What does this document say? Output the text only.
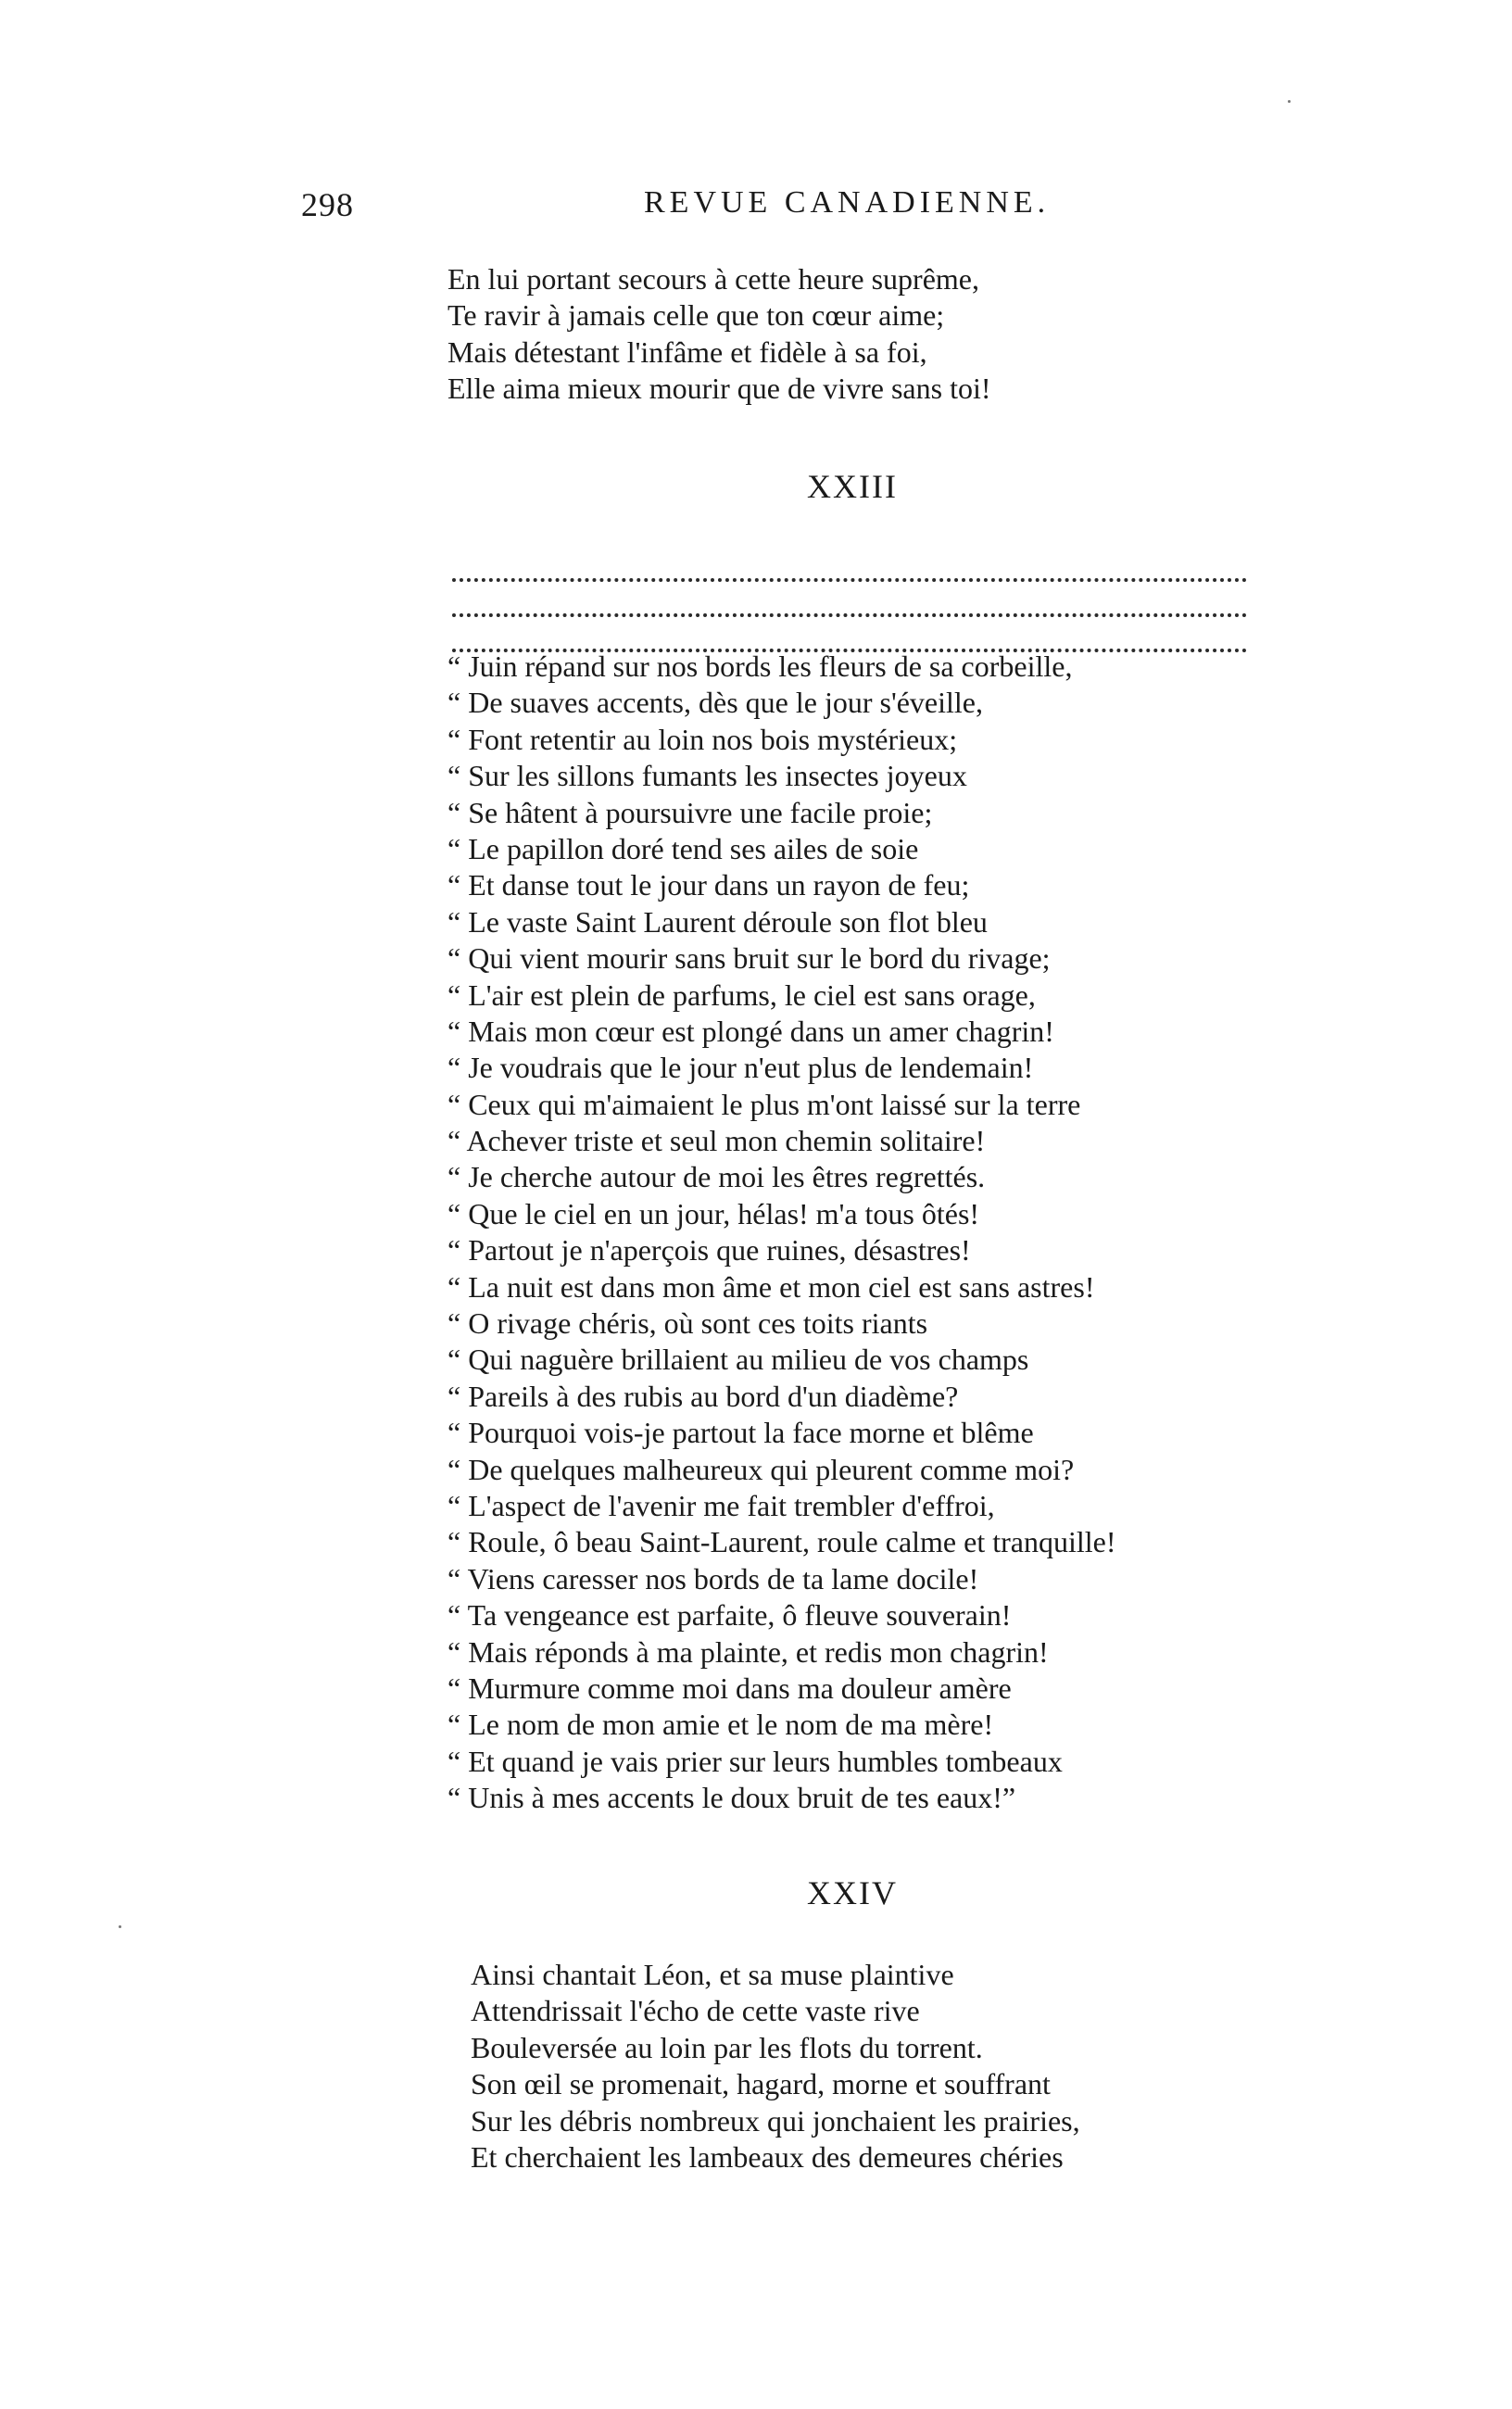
298	REVUE CANADIENNE.
En lui portant secours à cette heure suprême,
Te ravir à jamais celle que ton cœur aime;
Mais détestant l'infâme et fidèle à sa foi,
Elle aima mieux mourir que de vivre sans toi!
XXIII
“ Juin répand sur nos bords les fleurs de sa corbeille,
“ De suaves accents, dès que le jour s'éveille,
“ Font retentir au loin nos bois mystérieux;
“ Sur les sillons fumants les insectes joyeux
“ Se hâtent à poursuivre une facile proie;
“ Le papillon doré tend ses ailes de soie
“ Et danse tout le jour dans un rayon de feu;
“ Le vaste Saint Laurent déroule son flot bleu
“ Qui vient mourir sans bruit sur le bord du rivage;
“ L'air est plein de parfums, le ciel est sans orage,
“ Mais mon cœur est plongé dans un amer chagrin!
“ Je voudrais que le jour n'eut plus de lendemain!
“ Ceux qui m'aimaient le plus m'ont laissé sur la terre
“ Achever triste et seul mon chemin solitaire!
“ Je cherche autour de moi les êtres regrettés.
“ Que le ciel en un jour, hélas! m'a tous ôtés!
“ Partout je n'aperçois que ruines, désastres!
“ La nuit est dans mon âme et mon ciel est sans astres!
“ O rivage chéris, où sont ces toits riants
“ Qui naguère brillaient au milieu de vos champs
“ Pareils à des rubis au bord d'un diadème?
“ Pourquoi vois-je partout la face morne et blême
“ De quelques malheureux qui pleurent comme moi?
“ L'aspect de l'avenir me fait trembler d'effroi,
“ Roule, ô beau Saint-Laurent, roule calme et tranquille!
“ Viens caresser nos bords de ta lame docile!
“ Ta vengeance est parfaite, ô fleuve souverain!
“ Mais réponds à ma plainte, et redis mon chagrin!
“ Murmure comme moi dans ma douleur amère
“ Le nom de mon amie et le nom de ma mère!
“ Et quand je vais prier sur leurs humbles tombeaux
“ Unis à mes accents le doux bruit de tes eaux!”
XXIV
Ainsi chantait Léon, et sa muse plaintive
Attendrissait l'écho de cette vaste rive
Bouleversée au loin par les flots du torrent.
Son œil se promenait, hagard, morne et souffrant
Sur les débris nombreux qui jonchaient les prairies,
Et cherchaient les lambeaux des demeures chéries
